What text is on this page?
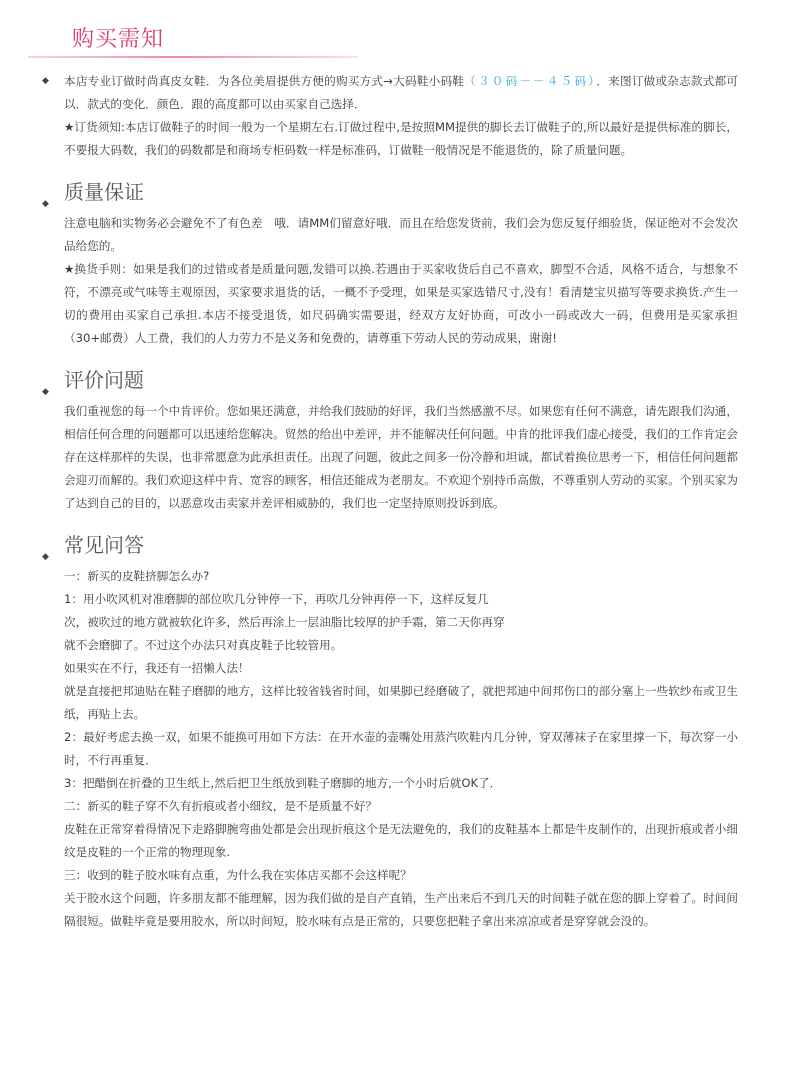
购买需知
◆	本店专业订做时尚真皮女鞋．为各位美眉提供方便的购买方式→大码鞋小码鞋（３０码－－４５码）．来图订做或杂志款式都可以．款式的变化．颜色．跟的高度都可以由买家自己选择．

★订货须知:本店订做鞋子的时间一般为一个星期左右.订做过程中,是按照MM提供的脚长去订做鞋子的,所以最好是提供标准的脚长，不要报大码数，我们的码数都是和商场专柜码数一样是标准码，订做鞋一般情况是不能退货的，除了质量问题。

◆ 质量保证

注意电脑和实物务必会避免不了有色差　哦．请MM们留意好哦．而且在给您发货前，我们会为您反复仔细验货，保证绝对不会发次品给您的。

★换货手则：如果是我们的过错或者是质量问题,发错可以换.若遇由于买家收货后自己不喜欢，脚型不合适，风格不适合，与想象不符，不漂亮或气味等主观原因，买家要求退货的话，一概不予受理，如果是买家选错尺寸,没有！看清楚宝贝描写等要求换货.产生一切的费用由买家自己承担.本店不接受退货，如尺码确实需要退，经双方友好协商，可改小一码或改大一码，但费用是买家承担（30+邮费）人工费，我们的人力劳力不是义务和免费的，请尊重下劳动人民的劳动成果，谢谢!

◆ 评价问题

我们重视您的每一个中肯评价。您如果还满意，并给我们鼓励的好评，我们当然感激不尽。如果您有任何不满意，请先跟我们沟通，相信任何合理的问题都可以迅速给您解决。贸然的给出中差评，并不能解决任何问题。中肯的批评我们虚心接受，我们的工作肯定会存在这样那样的失误，也非常愿意为此承担责任。出现了问题，彼此之间多一份冷静和坦诚，都试着换位思考一下，相信任何问题都会迎刃而解的。我们欢迎这样中肯、宽容的顾客，相信还能成为老朋友。不欢迎个别持币高傲，不尊重别人劳动的买家。个别买家为了达到自己的目的，以恶意攻击卖家并差评相威胁的，我们也一定坚持原则投诉到底。

◆ 常见问答

一：新买的皮鞋挤脚怎么办?

1：用小吹风机对准磨脚的部位吹几分钟停一下，再吹几分钟再停一下，这样反复几

次，被吹过的地方就被软化许多，然后再涂上一层油脂比较厚的护手霜，第二天你再穿

就不会磨脚了。不过这个办法只对真皮鞋子比较管用。

如果实在不行，我还有一招懒人法！

就是直接把邦迪贴在鞋子磨脚的地方，这样比较省钱省时间，如果脚已经磨破了，就把邦迪中间邦伤口的部分塞上一些软纱布或卫生纸，再贴上去。

2：最好考虑去换一双，如果不能换可用如下方法：在开水壶的壶嘴处用蒸汽吹鞋内几分钟，穿双薄袜子在家里撑一下，每次穿一小时，不行再重复．

3：把醋倒在折叠的卫生纸上,然后把卫生纸放到鞋子磨脚的地方,一个小时后就OK了．

二：新买的鞋子穿不久有折痕或者小细纹，是不是质量不好？

皮鞋在正常穿着得情况下走路脚腕弯曲处都是会出现折痕这个是无法避免的，我们的皮鞋基本上都是牛皮制作的，出现折痕或者小细纹是皮鞋的一个正常的物理现象.

三：收到的鞋子胶水味有点重，为什么我在实体店买都不会这样呢？

关于胶水这个问题，许多朋友都不能理解，因为我们做的是自产直销，生产出来后不到几天的时间鞋子就在您的脚上穿着了。时间间隔很短。做鞋毕竟是要用胶水，所以时间短，胶水味有点是正常的，只要您把鞋子拿出来凉凉或者是穿穿就会没的。
